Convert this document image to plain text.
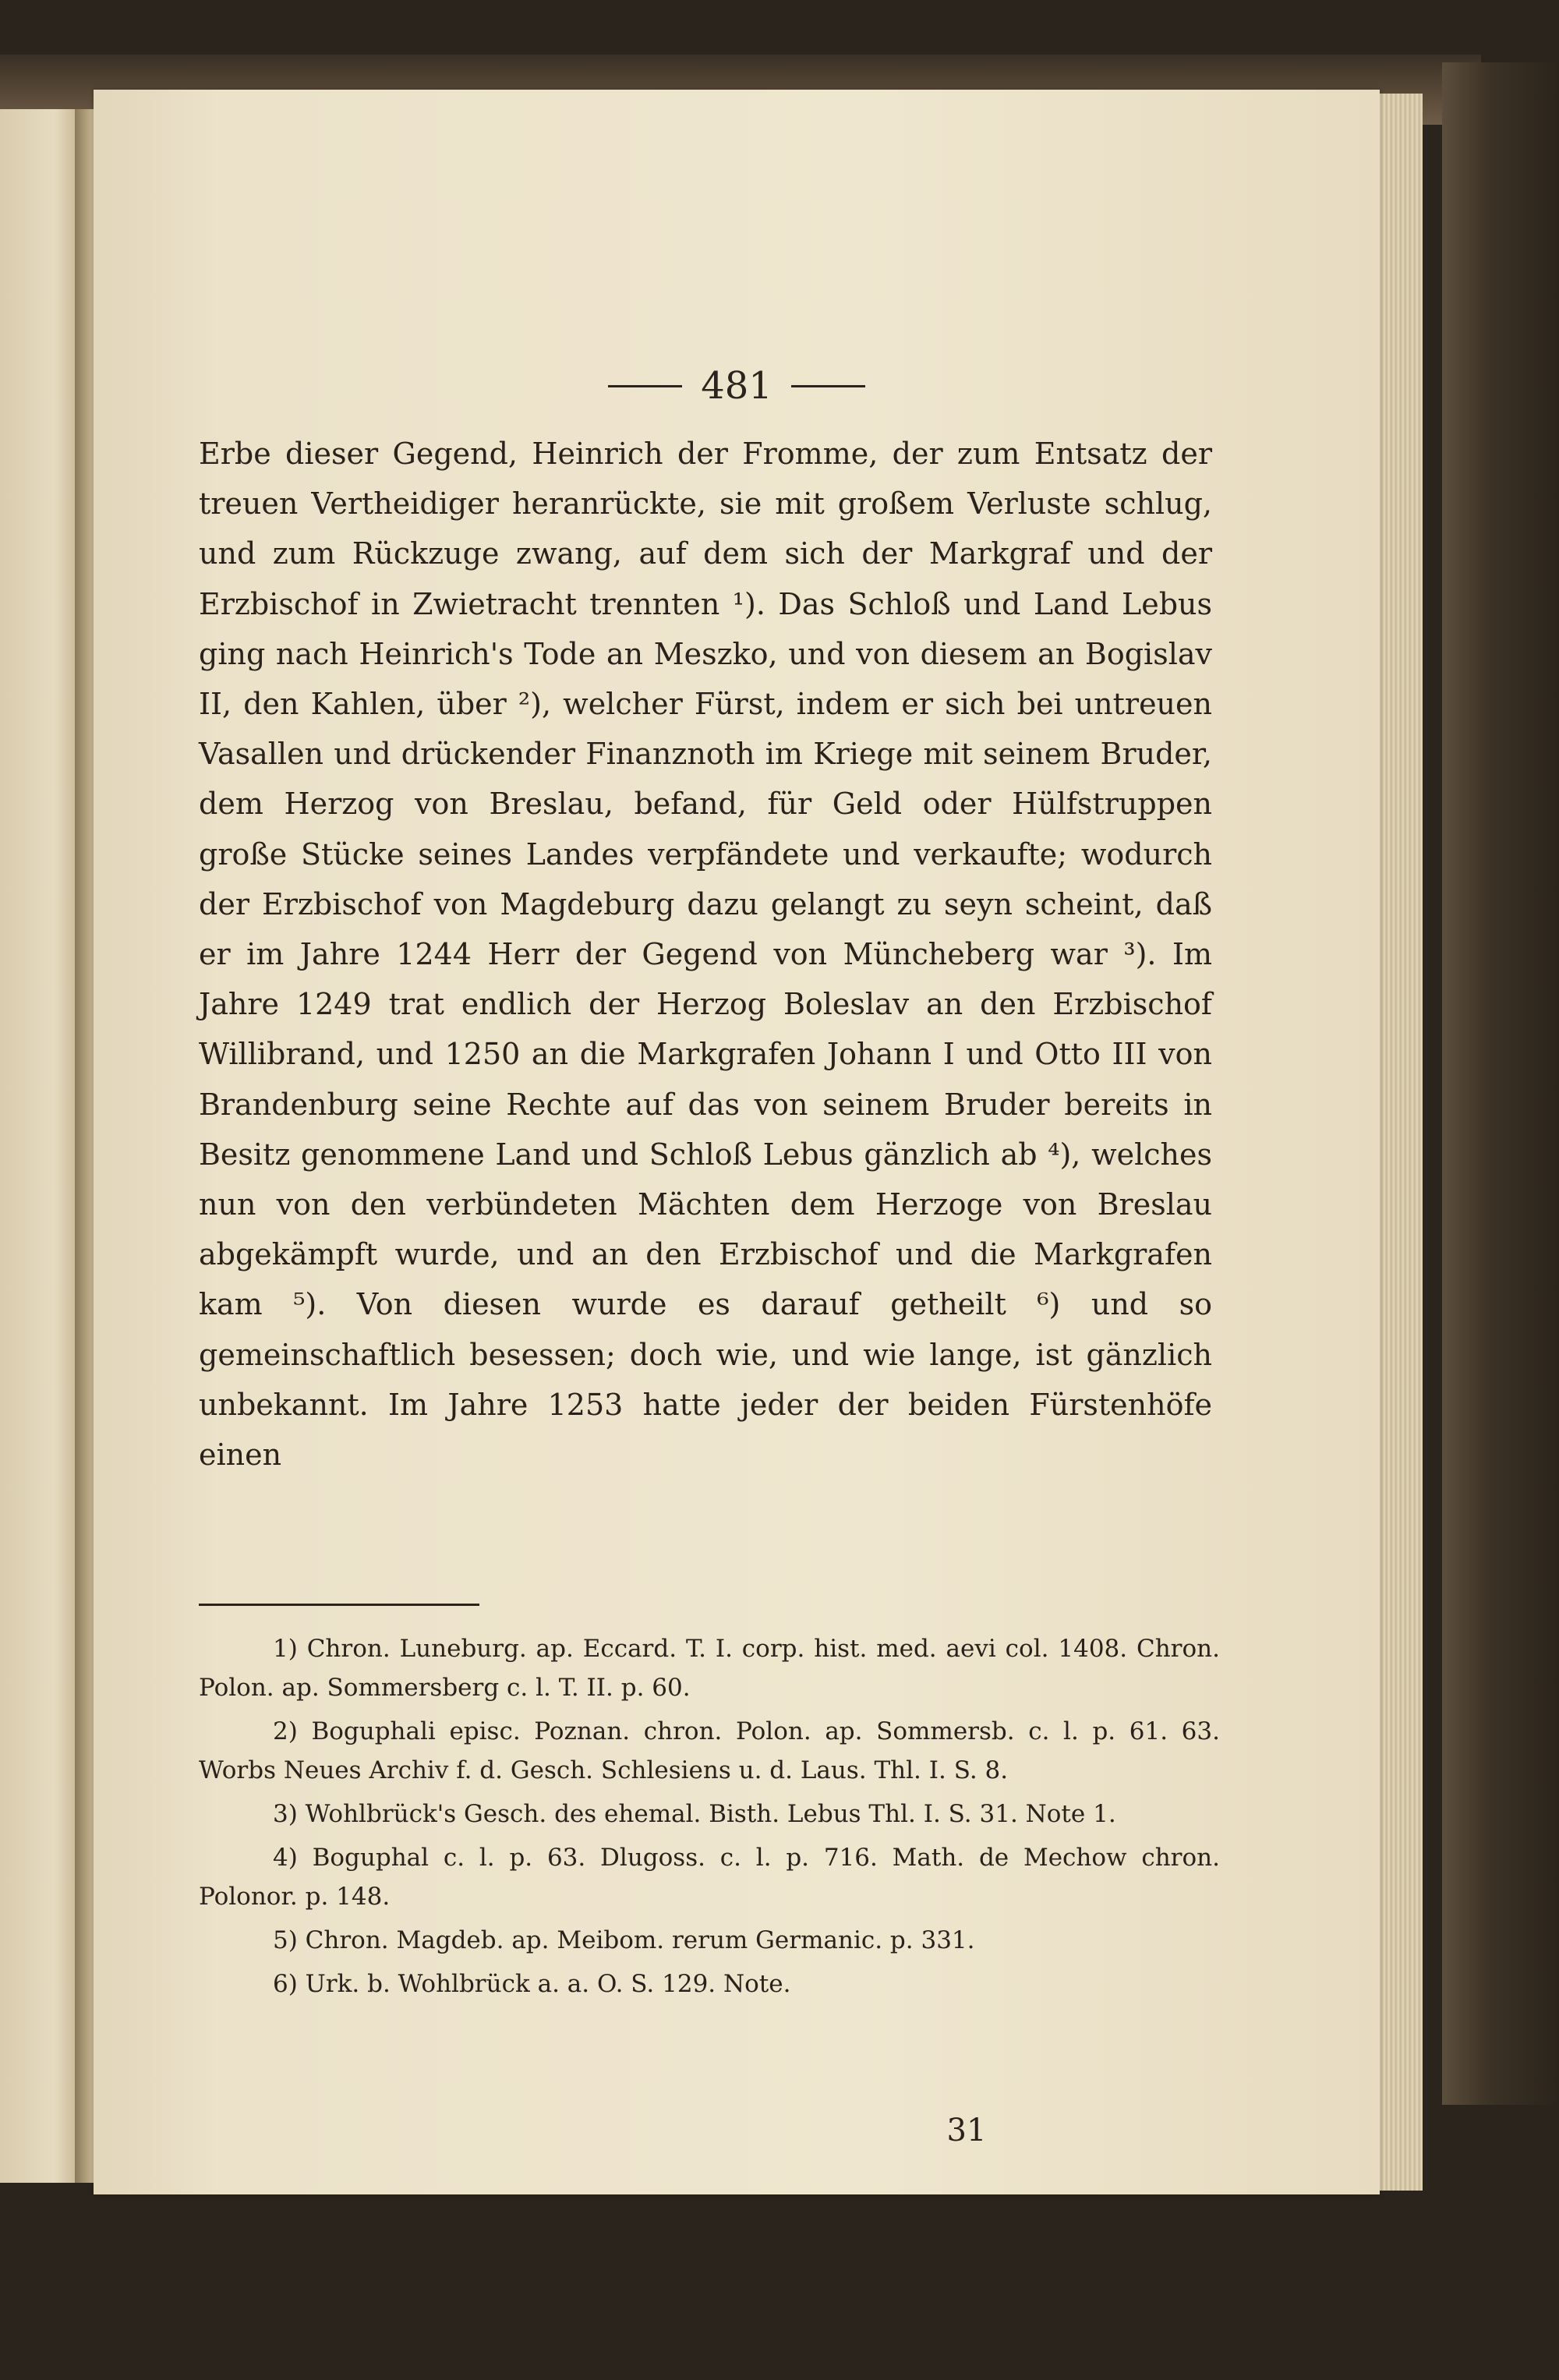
481

Erbe dieser Gegend, Heinrich der Fromme, der zum Entsatz der treuen Vertheidiger heranrückte, sie mit großem Verluste schlug, und zum Rückzuge zwang, auf dem sich der Markgraf und der Erzbischof in Zwietracht trennten ¹). Das Schloß und Land Lebus ging nach Heinrich's Tode an Meszko, und von diesem an Bogislav II, den Kahlen, über ²), welcher Fürst, indem er sich bei untreuen Vasallen und drückender Finanznoth im Kriege mit seinem Bruder, dem Herzog von Breslau, befand, für Geld oder Hülfstruppen große Stücke seines Landes verpfändete und verkaufte; wodurch der Erzbischof von Magdeburg dazu gelangt zu seyn scheint, daß er im Jahre 1244 Herr der Gegend von Müncheberg war ³). Im Jahre 1249 trat endlich der Herzog Boleslav an den Erzbischof Willibrand, und 1250 an die Markgrafen Johann I und Otto III von Brandenburg seine Rechte auf das von seinem Bruder bereits in Besitz genommene Land und Schloß Lebus gänzlich ab ⁴), welches nun von den verbündeten Mächten dem Herzoge von Breslau abgekämpft wurde, und an den Erzbischof und die Markgrafen kam ⁵). Von diesen wurde es darauf getheilt ⁶) und so gemeinschaftlich besessen; doch wie, und wie lange, ist gänzlich unbekannt. Im Jahre 1253 hatte jeder der beiden Fürstenhöfe einen

1) Chron. Luneburg. ap. Eccard. T. I. corp. hist. med. aevi col. 1408. Chron. Polon. ap. Sommersberg c. l. T. II. p. 60.

2) Boguphali episc. Poznan. chron. Polon. ap. Sommersb. c. l. p. 61. 63. Worbs Neues Archiv f. d. Gesch. Schlesiens u. d. Laus. Thl. I. S. 8.

3) Wohlbrück's Gesch. des ehemal. Bisth. Lebus Thl. I. S. 31. Note 1.

4) Boguphal c. l. p. 63. Dlugoss. c. l. p. 716. Math. de Mechow chron. Polonor. p. 148.

5) Chron. Magdeb. ap. Meibom. rerum Germanic. p. 331.

6) Urk. b. Wohlbrück a. a. O. S. 129. Note.

31
